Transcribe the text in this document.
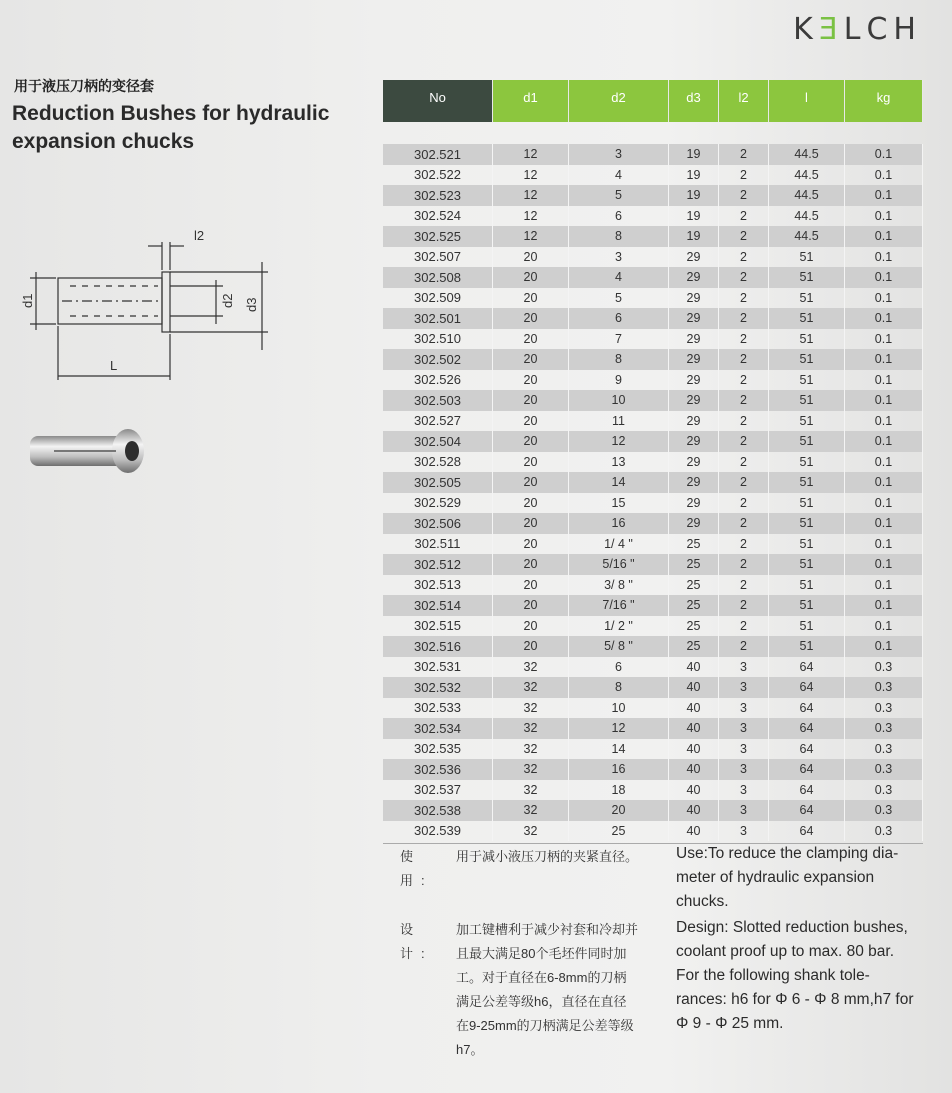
KƎLCH
用于液压刀柄的变径套
Reduction Bushes for hydraulic expansion chucks
l2
d2 d3
d1
L
No	d1	d2	d3	l2	l	kg
302.521	12	3	19	2	44.5	0.1
302.522	12	4	19	2	44.5	0.1
302.523	12	5	19	2	44.5	0.1
302.524	12	6	19	2	44.5	0.1
302.525	12	8	19	2	44.5	0.1
302.507	20	3	29	2	51	0.1
302.508	20	4	29	2	51	0.1
302.509	20	5	29	2	51	0.1
302.501	20	6	29	2	51	0.1
302.510	20	7	29	2	51	0.1
302.502	20	8	29	2	51	0.1
302.526	20	9	29	2	51	0.1
302.503	20	10	29	2	51	0.1
302.527	20	11	29	2	51	0.1
302.504	20	12	29	2	51	0.1
302.528	20	13	29	2	51	0.1
302.505	20	14	29	2	51	0.1
302.529	20	15	29	2	51	0.1
302.506	20	16	29	2	51	0.1
302.511	20	1/ 4 "	25	2	51	0.1
302.512	20	5/16 "	25	2	51	0.1
302.513	20	3/ 8 "	25	2	51	0.1
302.514	20	7/16 "	25	2	51	0.1
302.515	20	1/ 2 "	25	2	51	0.1
302.516	20	5/ 8 "	25	2	51	0.1
302.531	32	6	40	3	64	0.3
302.532	32	8	40	3	64	0.3
302.533	32	10	40	3	64	0.3
302.534	32	12	40	3	64	0.3
302.535	32	14	40	3	64	0.3
302.536	32	16	40	3	64	0.3
302.537	32	18	40	3	64	0.3
302.538	32	20	40	3	64	0.3
302.539	32	25	40	3	64	0.3
使 用:用于减小液压刀柄的夹紧直径。	Use:To reduce the clamping dia-meter of hydraulic expansion chucks.
设 计:加工键槽利于减少衬套和冷却并且最大满足80个毛坯件同时加工。对于直径在6-8mm的刀柄满足公差等级h6，直径在直径在9-25mm的刀柄满足公差等级h7。
Design: Slotted reduction bushes, coolant proof up to max. 80 bar. For the following shank tole-rances: h6 for Φ 6 - Φ 8 mm,h7 for Φ 9 - Φ 25 mm.
